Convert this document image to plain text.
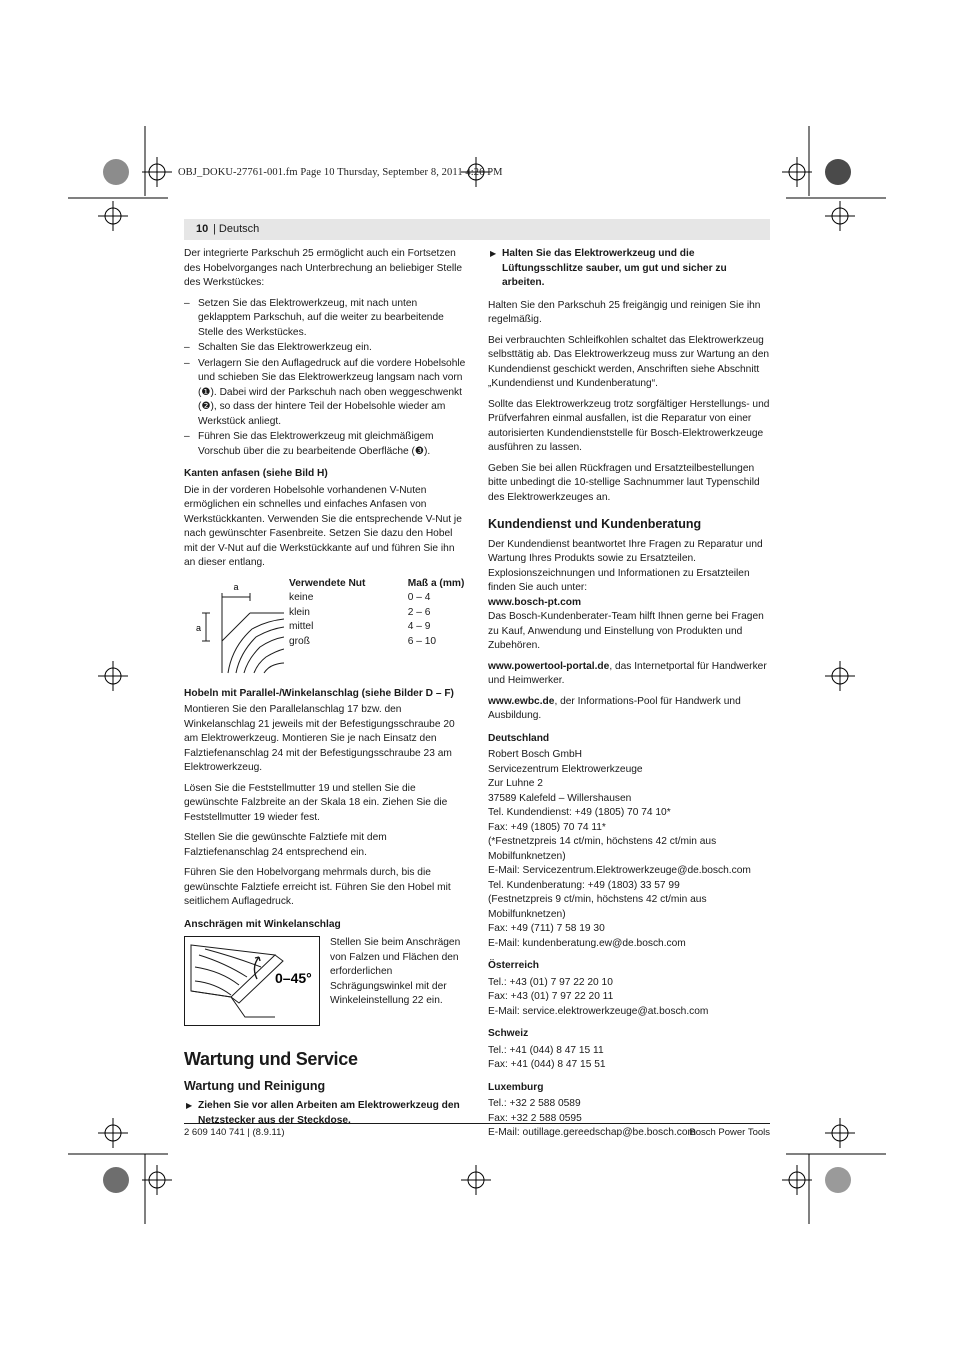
OBJ_DOKU-27761-001.fm Page 10 Thursday, September 8, 2011 4:26 PM
10 | Deutsch

Der integrierte Parkschuh 25 ermöglicht auch ein Fortsetzen des Hobelvorganges nach Unterbrechung an beliebiger Stelle des Werkstückes:

– Setzen Sie das Elektrowerkzeug, mit nach unten geklapptem Parkschuh, auf die weiter zu bearbeitende Stelle des Werkstückes.
– Schalten Sie das Elektrowerkzeug ein.
– Verlagern Sie den Auflagedruck auf die vordere Hobelsohle und schieben Sie das Elektrowerkzeug langsam nach vorn (❶). Dabei wird der Parkschuh nach oben weggeschwenkt (❷), so dass der hintere Teil der Hobelsohle wieder am Werkstück anliegt.
– Führen Sie das Elektrowerkzeug mit gleichmäßigem Vorschub über die zu bearbeitende Oberfläche (❸).
Kanten anfasen (siehe Bild H)

Die in der vorderen Hobelsohle vorhandenen V-Nuten ermöglichen ein schnelles und einfaches Anfasen von Werkstückkanten. Verwenden Sie die entsprechende V-Nut je nach gewünschter Fasenbreite. Setzen Sie dazu den Hobel mit der V-Nut auf die Werkstückkante auf und führen Sie ihn an dieser entlang.

a
a
Verwendete Nut	Maß a (mm)
keine	0 – 4
klein	2 – 6
mittel	4 – 9
groß	6 – 10
Hobeln mit Parallel-/Winkelanschlag (siehe Bilder D – F)

Montieren Sie den Parallelanschlag 17 bzw. den Winkelanschlag 21 jeweils mit der Befestigungsschraube 20 am Elektrowerkzeug. Montieren Sie je nach Einsatz den Falztiefenanschlag 24 mit der Befestigungsschraube 23 am Elektrowerkzeug.

Lösen Sie die Feststellmutter 19 und stellen Sie die gewünschte Falzbreite an der Skala 18 ein. Ziehen Sie die Feststellmutter 19 wieder fest.

Stellen Sie die gewünschte Falztiefe mit dem Falztiefenanschlag 24 entsprechend ein.

Führen Sie den Hobelvorgang mehrmals durch, bis die gewünschte Falztiefe erreicht ist. Führen Sie den Hobel mit seitlichem Auflagedruck.

Anschrägen mit Winkelanschlag
0–45°
Stellen Sie beim Anschrägen von Falzen und Flächen den erforderlichen Schrägungswinkel mit der Winkeleinstellung 22 ein.
Wartung und Service
Wartung und Reinigung
▶ Ziehen Sie vor allen Arbeiten am Elektrowerkzeug den Netzstecker aus der Steckdose.
▶ Halten Sie das Elektrowerkzeug und die Lüftungsschlitze sauber, um gut und sicher zu arbeiten.

Halten Sie den Parkschuh 25 freigängig und reinigen Sie ihn regelmäßig.

Bei verbrauchten Schleifkohlen schaltet das Elektrowerkzeug selbsttätig ab. Das Elektrowerkzeug muss zur Wartung an den Kundendienst geschickt werden, Anschriften siehe Abschnitt „Kundendienst und Kundenberatung“.

Sollte das Elektrowerkzeug trotz sorgfältiger Herstellungs- und Prüfverfahren einmal ausfallen, ist die Reparatur von einer autorisierten Kundendienststelle für Bosch-Elektrowerkzeuge ausführen zu lassen.

Geben Sie bei allen Rückfragen und Ersatzteilbestellungen bitte unbedingt die 10-stellige Sachnummer laut Typenschild des Elektrowerkzeuges an.

Kundendienst und Kundenberatung

Der Kundendienst beantwortet Ihre Fragen zu Reparatur und Wartung Ihres Produkts sowie zu Ersatzteilen. Explosionszeichnungen und Informationen zu Ersatzteilen finden Sie auch unter:

www.bosch-pt.com

Das Bosch-Kundenberater-Team hilft Ihnen gerne bei Fragen zu Kauf, Anwendung und Einstellung von Produkten und Zubehören.

www.powertool-portal.de, das Internetportal für Handwerker und Heimwerker.

www.ewbc.de, der Informations-Pool für Handwerk und Ausbildung.

Deutschland
Robert Bosch GmbH
Servicezentrum Elektrowerkzeuge
Zur Luhne 2
37589 Kalefeld – Willershausen
Tel. Kundendienst: +49 (1805) 70 74 10*
Fax: +49 (1805) 70 74 11*
(*Festnetzpreis 14 ct/min, höchstens 42 ct/min aus Mobilfunknetzen)
E-Mail: Servicezentrum.Elektrowerkzeuge@de.bosch.com
Tel. Kundenberatung: +49 (1803) 33 57 99
(Festnetzpreis 9 ct/min, höchstens 42 ct/min aus Mobilfunknetzen)
Fax: +49 (711) 7 58 19 30
E-Mail: kundenberatung.ew@de.bosch.com
Österreich
Tel.: +43 (01) 7 97 22 20 10
Fax: +43 (01) 7 97 22 20 11
E-Mail: service.elektrowerkzeuge@at.bosch.com
Schweiz
Tel.: +41 (044) 8 47 15 11
Fax: +41 (044) 8 47 15 51
Luxemburg
Tel.: +32 2 588 0589
Fax: +32 2 588 0595
E-Mail: outillage.gereedschap@be.bosch.com
2 609 140 741 | (8.9.11)	Bosch Power Tools
